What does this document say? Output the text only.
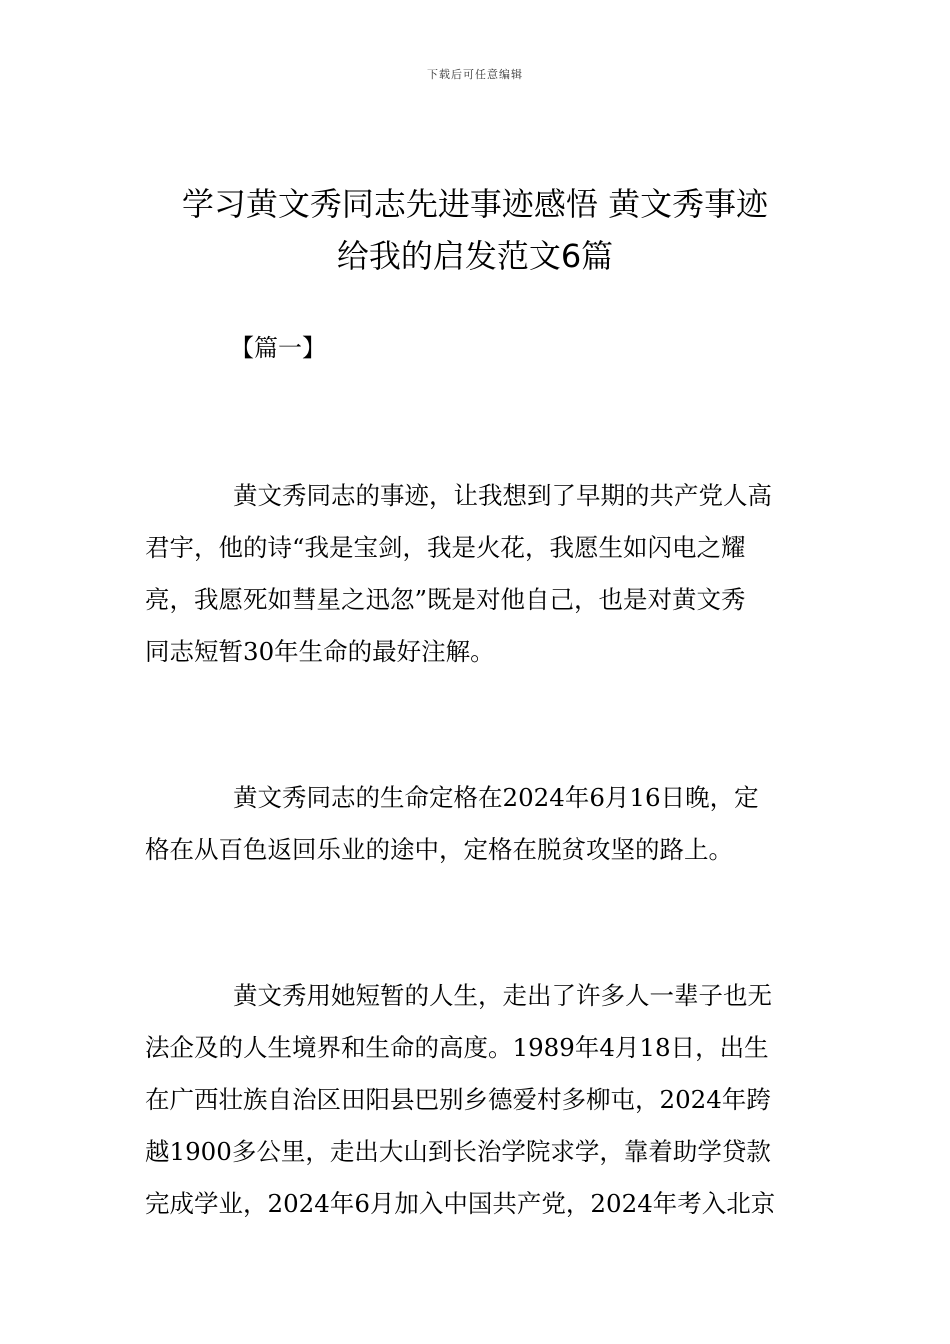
下载后可任意编辑
学习黄文秀同志先进事迹感悟 黄文秀事迹
给我的启发范文6篇
【篇一】

黄文秀同志的事迹，让我想到了早期的共产党人高
君宇，他的诗“我是宝剑，我是火花，我愿生如闪电之耀
亮，我愿死如彗星之迅忽”既是对他自己，也是对黄文秀
同志短暂30年生命的最好注解。

黄文秀同志的生命定格在2024年6月16日晚，定
格在从百色返回乐业的途中，定格在脱贫攻坚的路上。

黄文秀用她短暂的人生，走出了许多人一辈子也无
法企及的人生境界和生命的高度。1989年4月18日，出生
在广西壮族自治区田阳县巴别乡德爱村多柳屯，2024年跨
越1900多公里，走出大山到长治学院求学，靠着助学贷款
完成学业，2024年6月加入中国共产党，2024年考入北京
